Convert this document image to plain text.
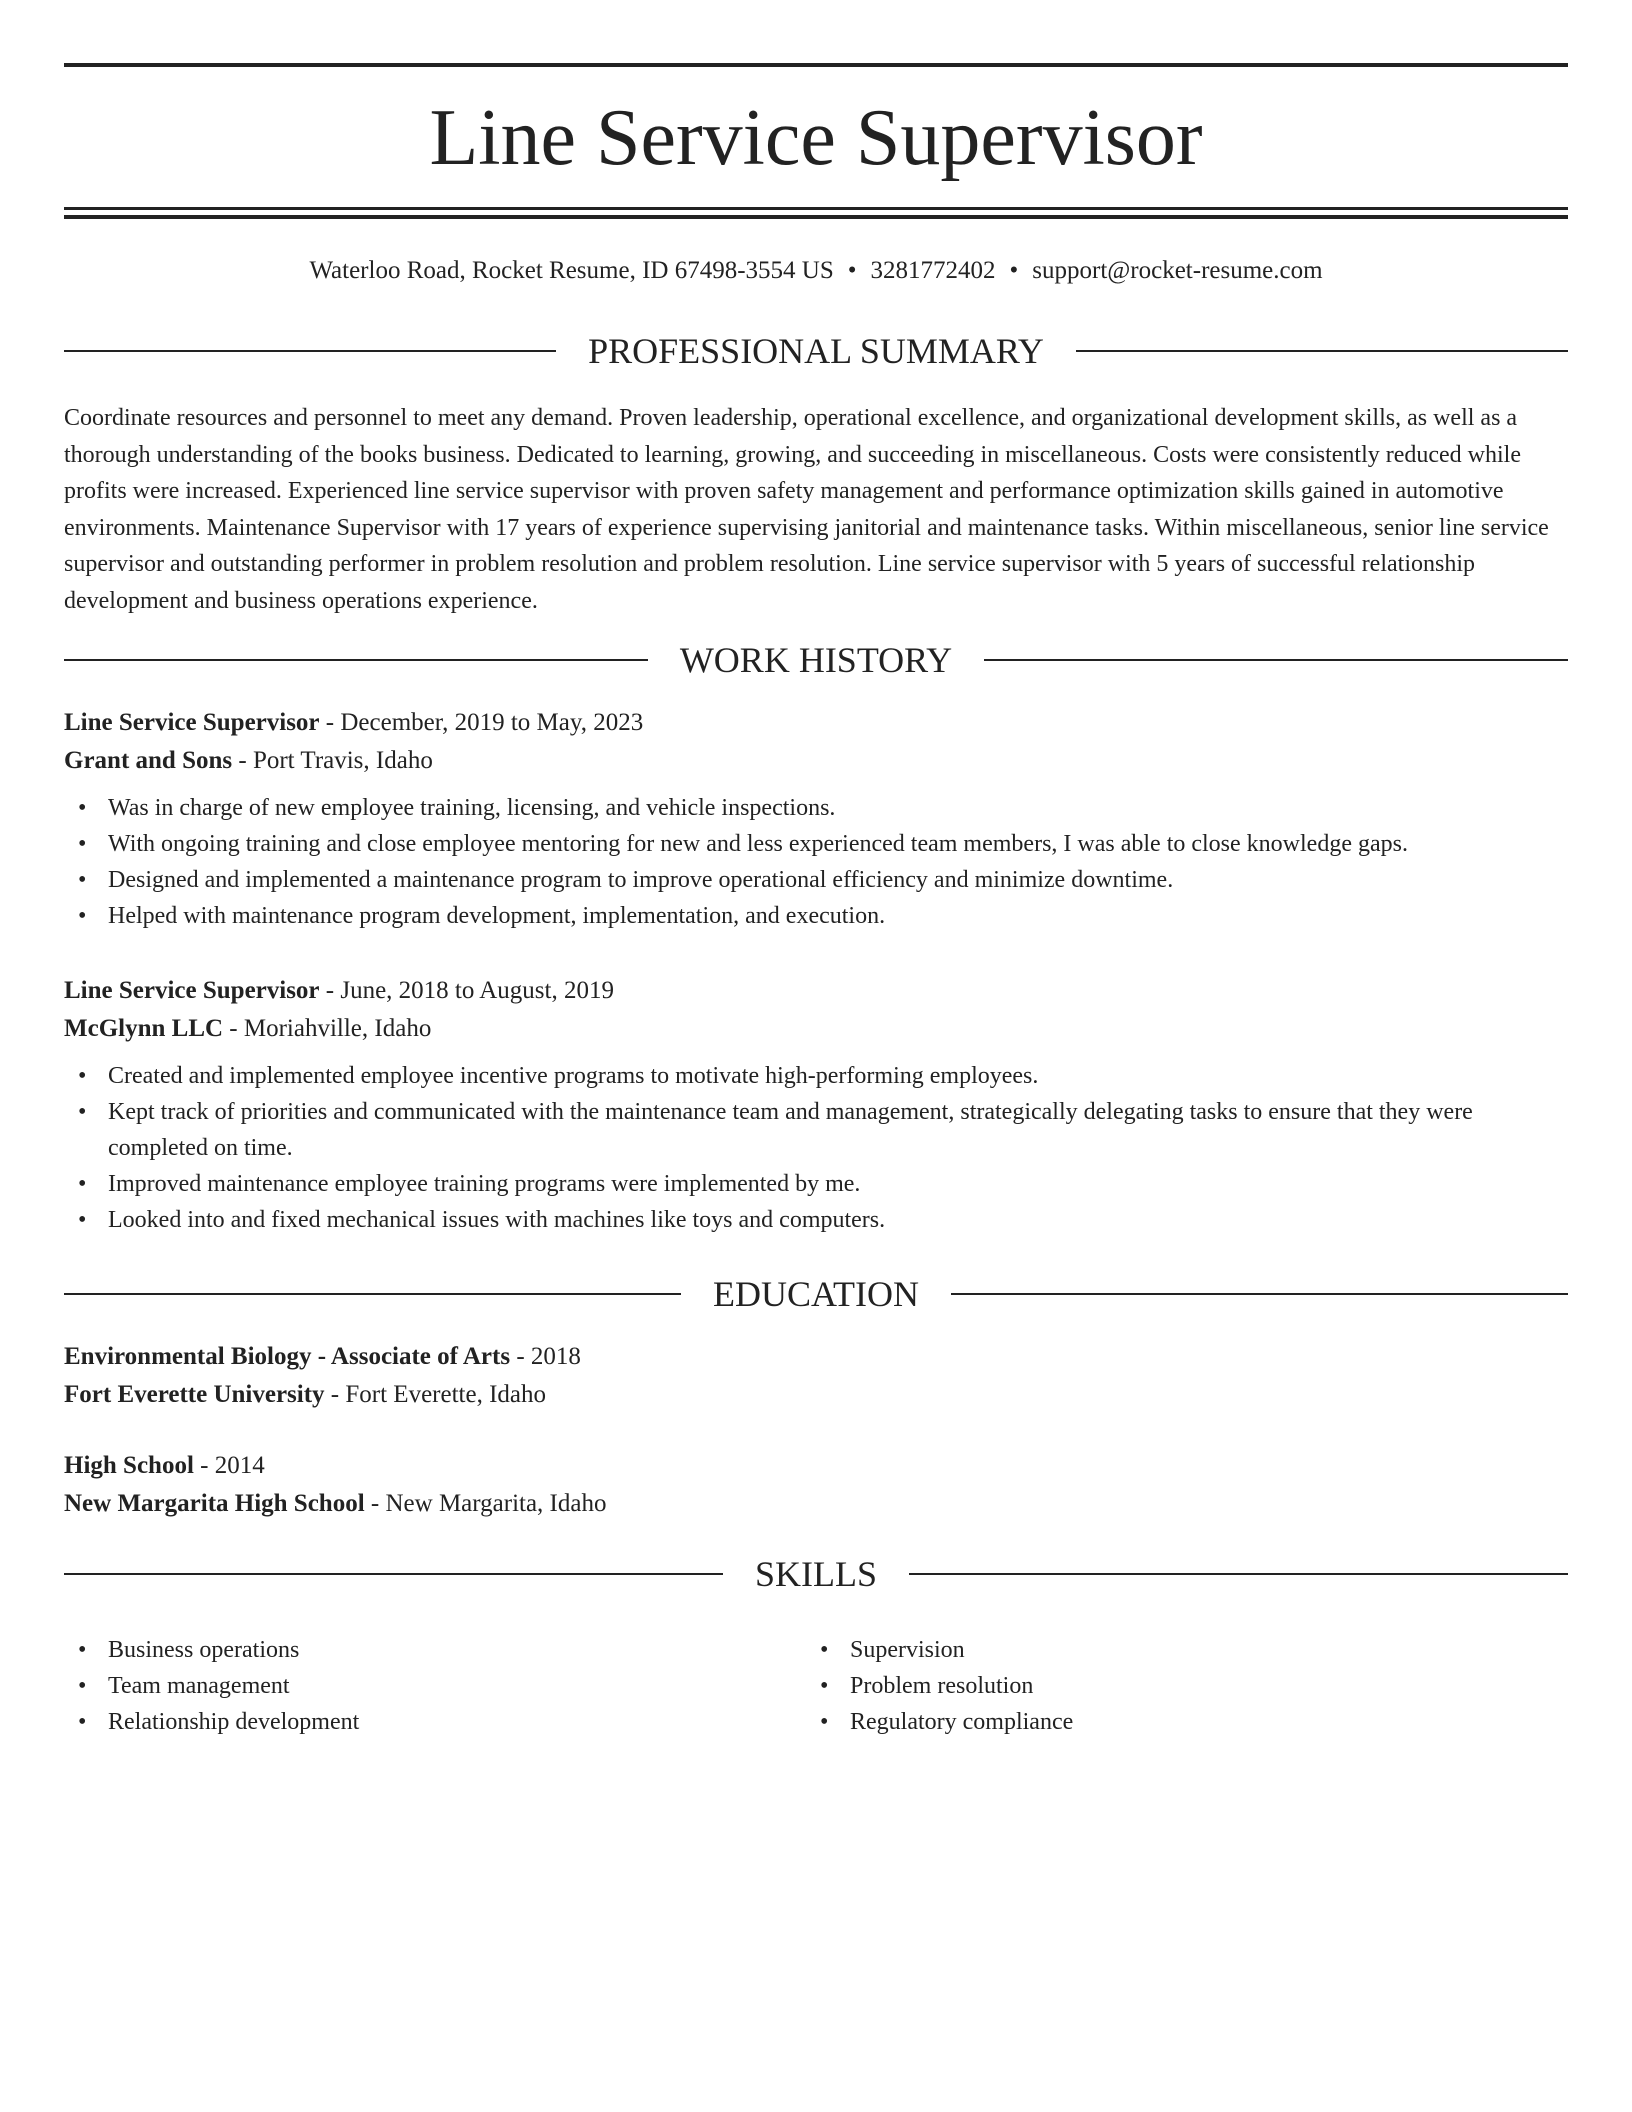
Line Service Supervisor
Waterloo Road, Rocket Resume, ID 67498-3554 US • 3281772402 • support@rocket-resume.com
PROFESSIONAL SUMMARY

Coordinate resources and personnel to meet any demand. Proven leadership, operational excellence, and organizational development skills, as well as a thorough understanding of the books business. Dedicated to learning, growing, and succeeding in miscellaneous. Costs were consistently reduced while profits were increased. Experienced line service supervisor with proven safety management and performance optimization skills gained in automotive environments. Maintenance Supervisor with 17 years of experience supervising janitorial and maintenance tasks. Within miscellaneous, senior line service supervisor and outstanding performer in problem resolution and problem resolution. Line service supervisor with 5 years of successful relationship development and business operations experience.

WORK HISTORY
Line Service Supervisor - December, 2019 to May, 2023
Grant and Sons - Port Travis, Idaho
• Was in charge of new employee training, licensing, and vehicle inspections.
• With ongoing training and close employee mentoring for new and less experienced team members, I was able to close knowledge gaps.
• Designed and implemented a maintenance program to improve operational efficiency and minimize downtime.
• Helped with maintenance program development, implementation, and execution.
Line Service Supervisor - June, 2018 to August, 2019
McGlynn LLC - Moriahville, Idaho
• Created and implemented employee incentive programs to motivate high-performing employees.
• Kept track of priorities and communicated with the maintenance team and management, strategically delegating tasks to ensure that they were completed on time.
• Improved maintenance employee training programs were implemented by me.
• Looked into and fixed mechanical issues with machines like toys and computers.
EDUCATION
Environmental Biology - Associate of Arts - 2018
Fort Everette University - Fort Everette, Idaho
High School - 2014
New Margarita High School - New Margarita, Idaho
SKILLS
• Business operations
• Team management
• Relationship development
• Supervision
• Problem resolution
• Regulatory compliance
